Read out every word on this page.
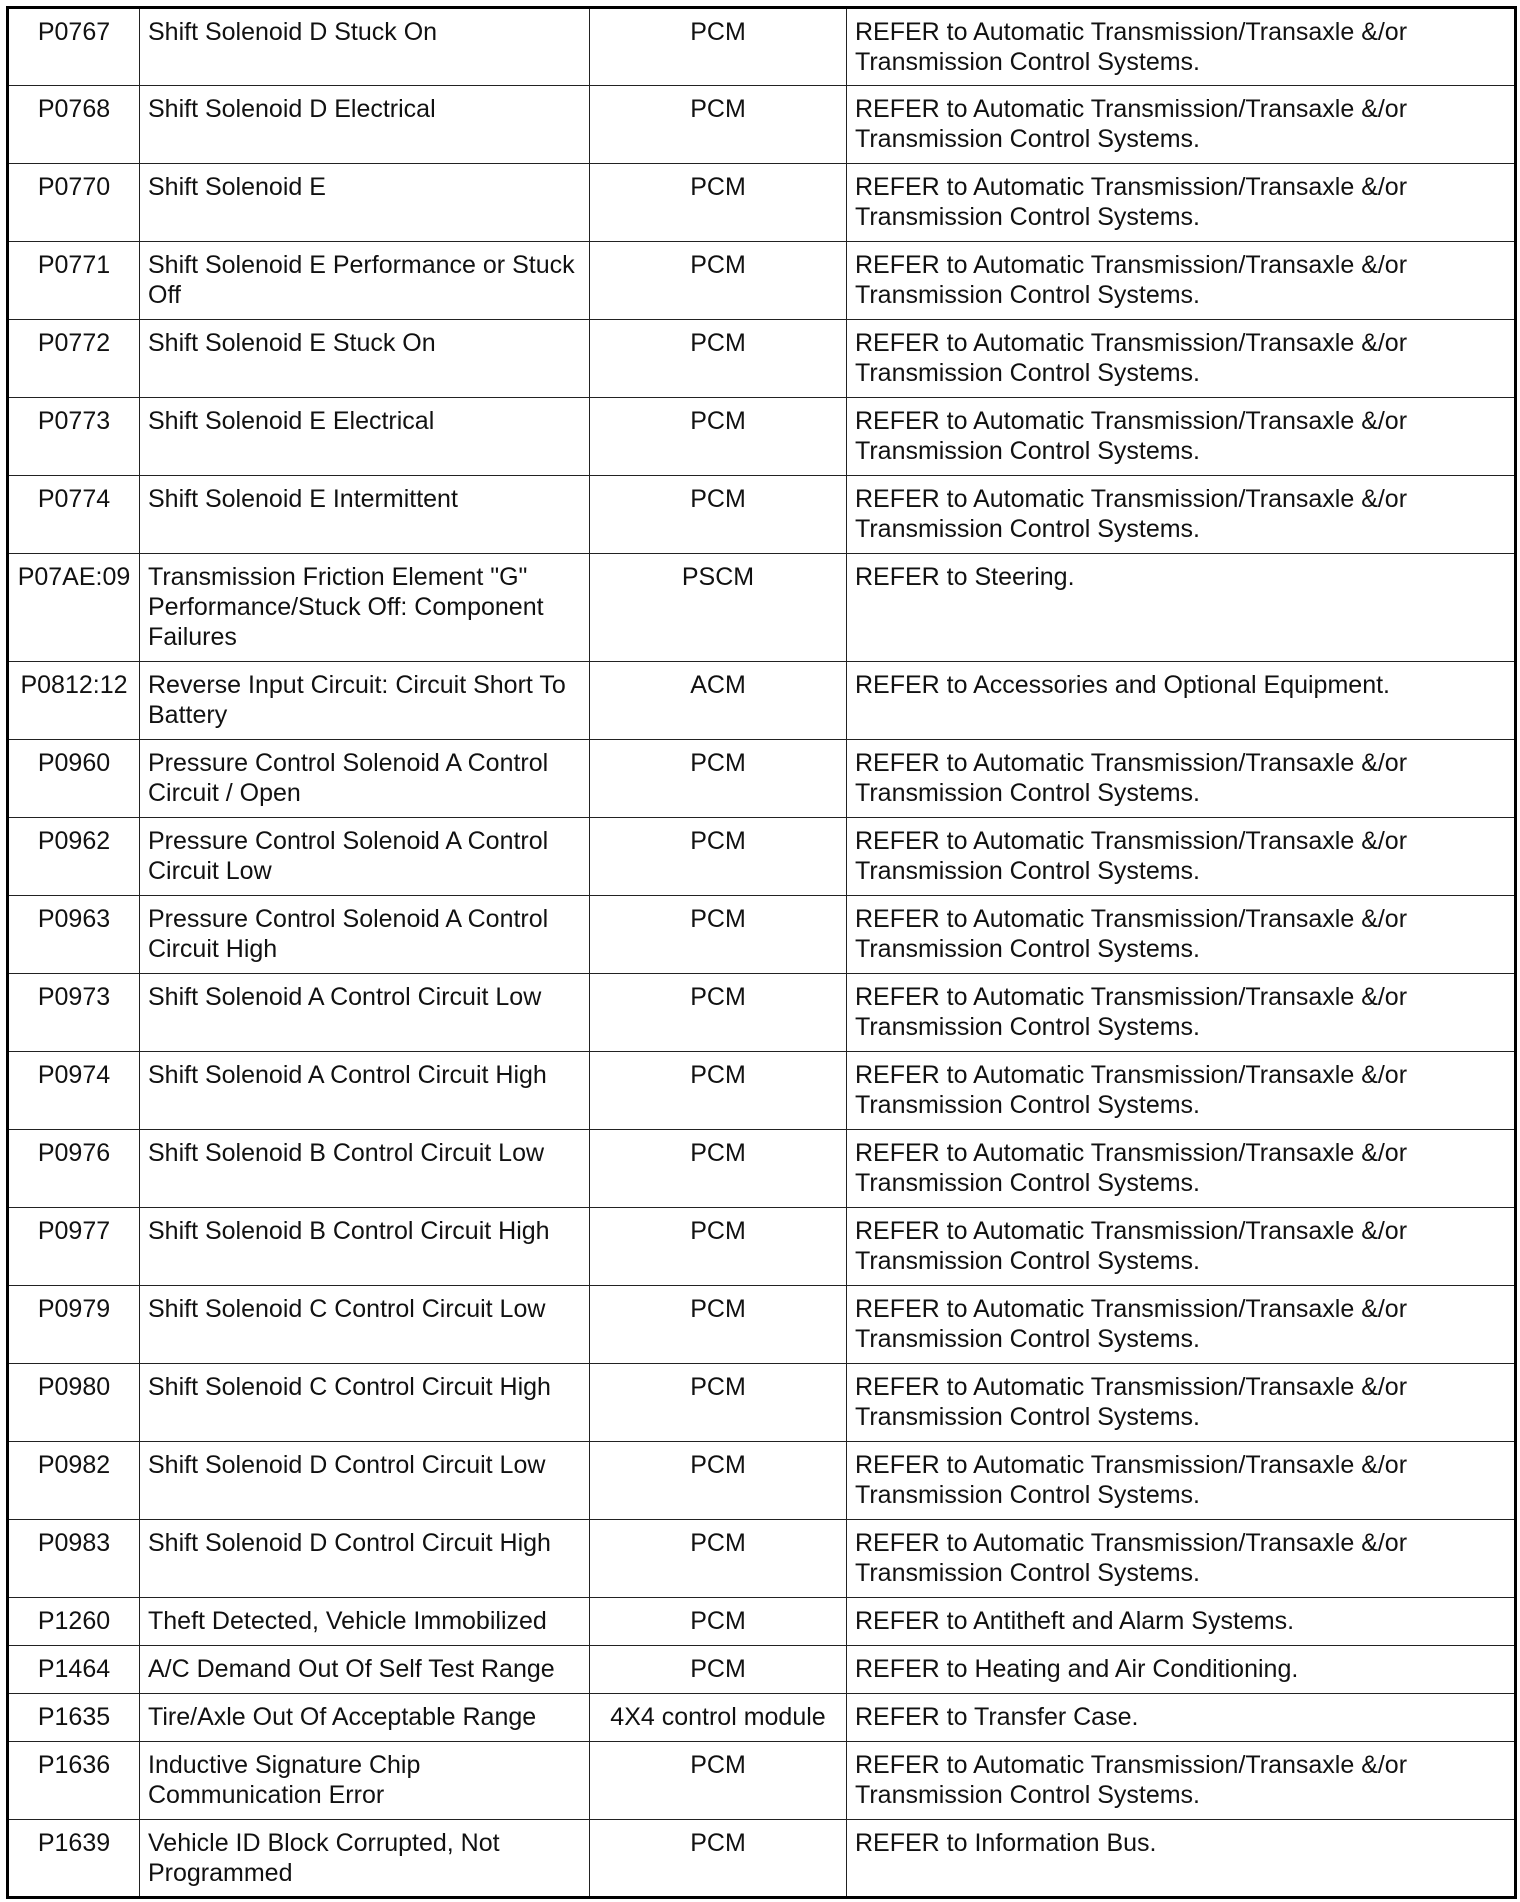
P0767	Shift Solenoid D Stuck On	PCM	REFER to Automatic Transmission/Transaxle &/or Transmission Control Systems.
P0768	Shift Solenoid D Electrical	PCM	REFER to Automatic Transmission/Transaxle &/or Transmission Control Systems.
P0770	Shift Solenoid E	PCM	REFER to Automatic Transmission/Transaxle &/or Transmission Control Systems.
P0771	Shift Solenoid E Performance or Stuck Off	PCM	REFER to Automatic Transmission/Transaxle &/or Transmission Control Systems.
P0772	Shift Solenoid E Stuck On	PCM	REFER to Automatic Transmission/Transaxle &/or Transmission Control Systems.
P0773	Shift Solenoid E Electrical	PCM	REFER to Automatic Transmission/Transaxle &/or Transmission Control Systems.
P0774	Shift Solenoid E Intermittent	PCM	REFER to Automatic Transmission/Transaxle &/or Transmission Control Systems.
P07AE:09	Transmission Friction Element "G" Performance/Stuck Off: Component Failures	PSCM	REFER to Steering.
P0812:12	Reverse Input Circuit: Circuit Short To Battery	ACM	REFER to Accessories and Optional Equipment.
P0960	Pressure Control Solenoid A Control Circuit / Open	PCM	REFER to Automatic Transmission/Transaxle &/or Transmission Control Systems.
P0962	Pressure Control Solenoid A Control Circuit Low	PCM	REFER to Automatic Transmission/Transaxle &/or Transmission Control Systems.
P0963	Pressure Control Solenoid A Control Circuit High	PCM	REFER to Automatic Transmission/Transaxle &/or Transmission Control Systems.
P0973	Shift Solenoid A Control Circuit Low	PCM	REFER to Automatic Transmission/Transaxle &/or Transmission Control Systems.
P0974	Shift Solenoid A Control Circuit High	PCM	REFER to Automatic Transmission/Transaxle &/or Transmission Control Systems.
P0976	Shift Solenoid B Control Circuit Low	PCM	REFER to Automatic Transmission/Transaxle &/or Transmission Control Systems.
P0977	Shift Solenoid B Control Circuit High	PCM	REFER to Automatic Transmission/Transaxle &/or Transmission Control Systems.
P0979	Shift Solenoid C Control Circuit Low	PCM	REFER to Automatic Transmission/Transaxle &/or Transmission Control Systems.
P0980	Shift Solenoid C Control Circuit High	PCM	REFER to Automatic Transmission/Transaxle &/or Transmission Control Systems.
P0982	Shift Solenoid D Control Circuit Low	PCM	REFER to Automatic Transmission/Transaxle &/or Transmission Control Systems.
P0983	Shift Solenoid D Control Circuit High	PCM	REFER to Automatic Transmission/Transaxle &/or Transmission Control Systems.
P1260	Theft Detected, Vehicle Immobilized	PCM	REFER to Antitheft and Alarm Systems.
P1464	A/C Demand Out Of Self Test Range	PCM	REFER to Heating and Air Conditioning.
P1635	Tire/Axle Out Of Acceptable Range	4X4 control module	REFER to Transfer Case.
P1636	Inductive Signature Chip Communication Error	PCM	REFER to Automatic Transmission/Transaxle &/or Transmission Control Systems.
P1639	Vehicle ID Block Corrupted, Not Programmed	PCM	REFER to Information Bus.
